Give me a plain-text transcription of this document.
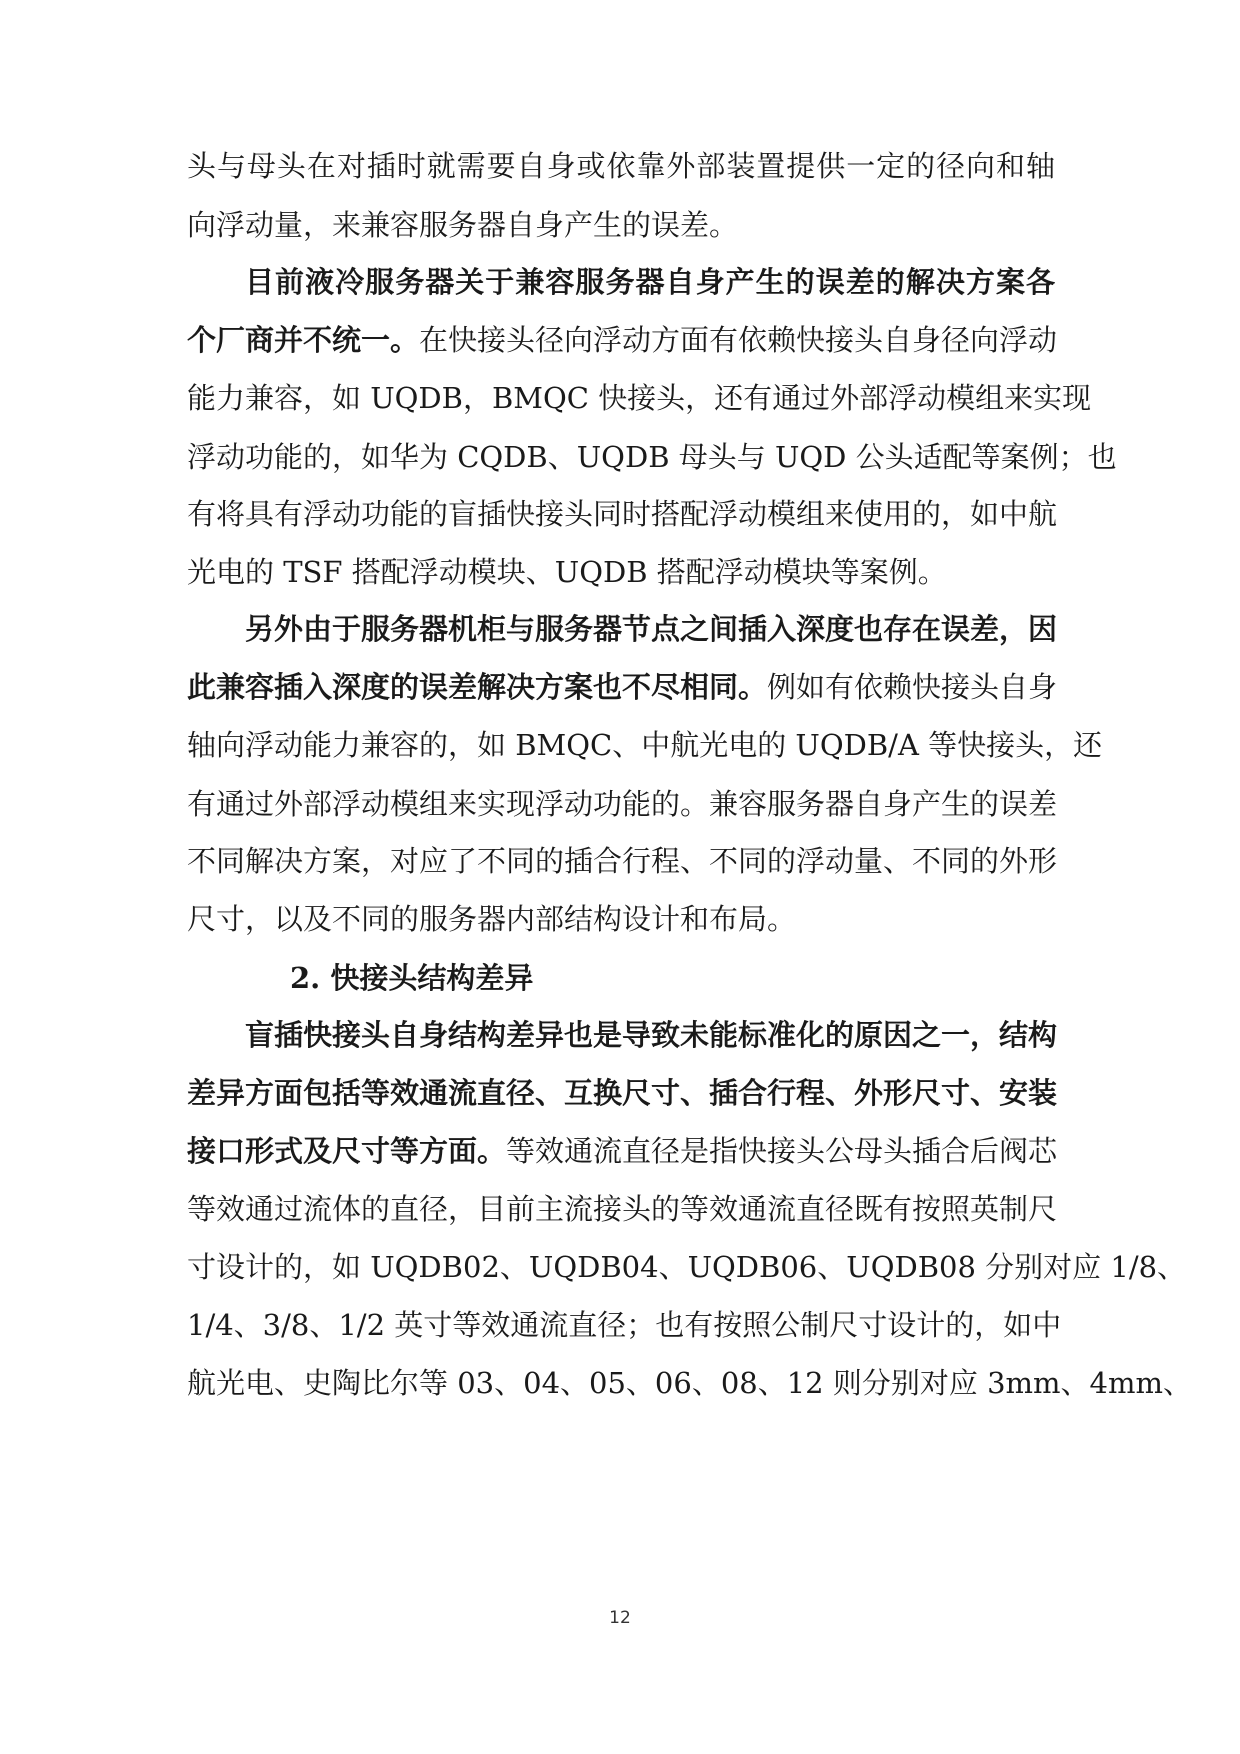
头与母头在对插时就需要自身或依靠外部装置提供一定的径向和轴
向浮动量，来兼容服务器自身产生的误差。
目前液冷服务器关于兼容服务器自身产生的误差的解决方案各
个厂商并不统一。在快接头径向浮动方面有依赖快接头自身径向浮动
能力兼容，如 UQDB，BMQC 快接头，还有通过外部浮动模组来实现
浮动功能的，如华为 CQDB、UQDB 母头与 UQD 公头适配等案例；也
有将具有浮动功能的盲插快接头同时搭配浮动模组来使用的，如中航
光电的 TSF 搭配浮动模块、UQDB 搭配浮动模块等案例。
另外由于服务器机柜与服务器节点之间插入深度也存在误差，因
此兼容插入深度的误差解决方案也不尽相同。例如有依赖快接头自身
轴向浮动能力兼容的，如 BMQC、中航光电的 UQDB/A 等快接头，还
有通过外部浮动模组来实现浮动功能的。兼容服务器自身产生的误差
不同解决方案，对应了不同的插合行程、不同的浮动量、不同的外形
尺寸，以及不同的服务器内部结构设计和布局。
2. 快接头结构差异
盲插快接头自身结构差异也是导致未能标准化的原因之一，结构
差异方面包括等效通流直径、互换尺寸、插合行程、外形尺寸、安装
接口形式及尺寸等方面。等效通流直径是指快接头公母头插合后阀芯
等效通过流体的直径，目前主流接头的等效通流直径既有按照英制尺
寸设计的，如 UQDB02、UQDB04、UQDB06、UQDB08 分别对应 1/8、
1/4、3/8、1/2 英寸等效通流直径；也有按照公制尺寸设计的，如中
航光电、史陶比尔等 03、04、05、06、08、12 则分别对应 3mm、4mm、
12
